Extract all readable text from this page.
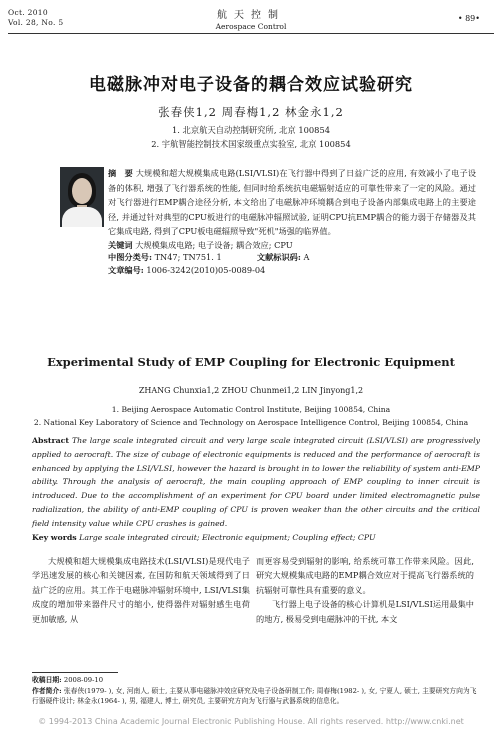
Oct. 2010
Vol. 28, No. 5
航天控制
Aerospace Control
• 89•
电磁脉冲对电子设备的耦合效应试验研究
张春侠1,2 周春梅1,2 林金永1,2
1. 北京航天自动控制研究所, 北京 100854
2. 宇航智能控制技术国家级重点实验室, 北京 100854
摘　要 大规模和超大规模集成电路(LSI/VLSI)在飞行器中得到了日益广泛的应用, 有效减小了电子设备的体积, 增强了飞行器系统的性能, 但同时给系统抗电磁辐射适应的可靠性带来了一定的风险。通过对飞行器进行EMP耦合途径分析, 本文给出了电磁脉冲环境耦合到电子设备内部集成电路上的主要途径, 并通过针对典型的CPU板进行的电磁脉冲辐照试验, 证明CPU抗EMP耦合的能力弱于存储器及其它集成电路, 得到了CPU板电磁辐照导致"死机"场强的临界值。
关键词 大规模集成电路; 电子设备; 耦合效应; CPU
中图分类号: TN47; TN751. 1	文献标识码: A
文章编号: 1006-3242(2010)05-0089-04
Experimental Study of EMP Coupling for Electronic Equipment
ZHANG Chunxia1,2 ZHOU Chunmei1,2 LIN Jinyong1,2
1. Beijing Aerospace Automatic Control Institute, Beijing 100854, China
2. National Key Laboratory of Science and Technology on Aerospace Intelligence Control, Beijing 100854, China
Abstract The large scale integrated circuit and very large scale integrated circuit (LSI/VLSI) are progressively applied to aerocraft. The size of cubage of electronic equipments is reduced and the performance of aerocraft is enhanced by applying the LSI/VLSI, however the hazard is brought in to lower the reliability of system anti-EMP ability. Through the analysis of aerocraft, the main coupling approach of EMP coupling to inner circuit is introduced. Due to the accomplishment of an experiment for CPU board under limited electromagnetic pulse radialization, the ability of anti-EMP coupling of CPU is proven weaker than the other circuits and the critical field intensity value while CPU crashes is gained.
Key words Large scale integrated circuit; Electronic equipment; Coupling effect; CPU
大规模和超大规模集成电路技术(LSI/VLSI)是现代电子学迅速发展的核心和关键因素, 在国防和航天领域得到了日益广泛的应用。其工作于电磁脉冲辐射环境中, LSI/VLSI集成度的增加带来器件尺寸的缩小, 使得器件对辐射感生电荷更加敏感, 从
而更容易受到辐射的影响, 给系统可靠工作带来风险。因此, 研究大规模集成电路的EMP耦合效应对于提高飞行器系统的抗辐射可靠性具有重要的意义。
飞行器上电子设备的核心计算机是LSI/VLSI运用最集中的地方, 极易受到电磁脉冲的干扰, 本文
收稿日期: 2008-09-10
作者简介: 张春侠(1979- ), 女, 河南人, 硕士, 主要从事电磁脉冲效应研究及电子设备研制工作; 周春梅(1982- ), 女, 宁夏人, 硕士, 主要研究方向为飞行器硬件设计; 林金永(1964- ), 男, 福建人, 博士, 研究员, 主要研究方向为飞行器与武器系统的信息化。
© 1994-2013 China Academic Journal Electronic Publishing House. All rights reserved. http://www.cnki.net
